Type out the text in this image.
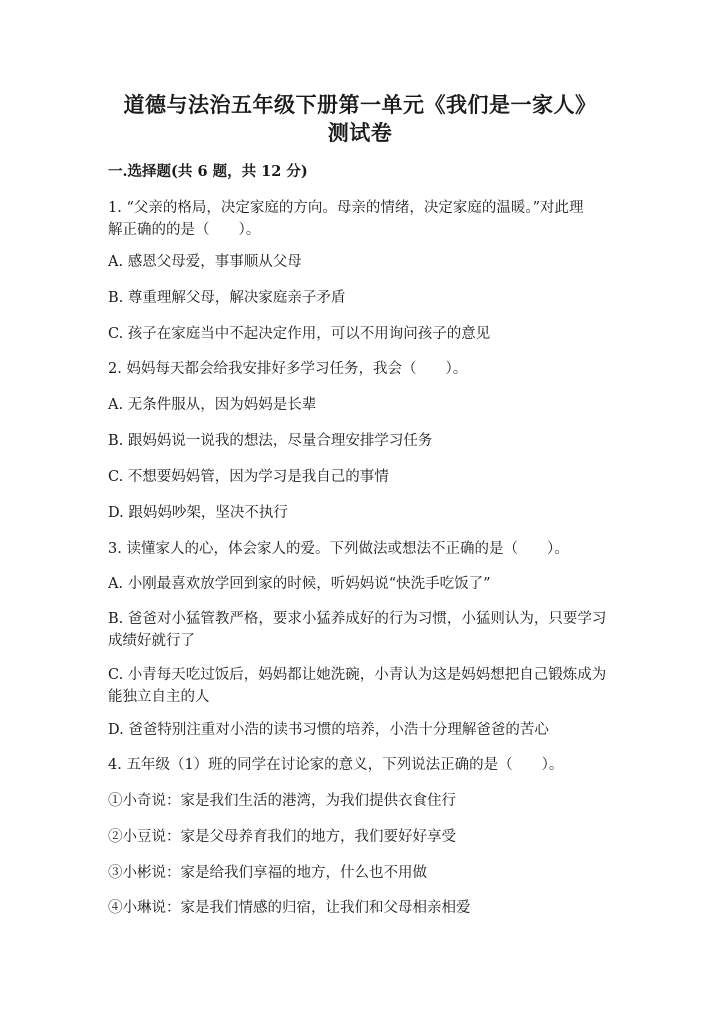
道德与法治五年级下册第一单元《我们是一家人》
测试卷
一.选择题(共 6 题，共 12 分)
1. “父亲的格局，决定家庭的方向。母亲的情绪，决定家庭的温暖。”对此理
解正确的的是（　　）。
A. 感恩父母爱，事事顺从父母
B. 尊重理解父母，解决家庭亲子矛盾
C. 孩子在家庭当中不起决定作用，可以不用询问孩子的意见
2. 妈妈每天都会给我安排好多学习任务，我会（　　）。
A. 无条件服从，因为妈妈是长辈
B. 跟妈妈说一说我的想法，尽量合理安排学习任务
C. 不想要妈妈管，因为学习是我自己的事情
D. 跟妈妈吵架，坚决不执行
3. 读懂家人的心，体会家人的爱。下列做法或想法不正确的是（　　）。
A. 小刚最喜欢放学回到家的时候，听妈妈说“快洗手吃饭了”
B. 爸爸对小猛管教严格，要求小猛养成好的行为习惯，小猛则认为，只要学习
成绩好就行了
C. 小青每天吃过饭后，妈妈都让她洗碗，小青认为这是妈妈想把自己锻炼成为
能独立自主的人
D. 爸爸特别注重对小浩的读书习惯的培养，小浩十分理解爸爸的苦心
4. 五年级（1）班的同学在讨论家的意义，下列说法正确的是（　　）。
①小奇说：家是我们生活的港湾，为我们提供衣食住行
②小豆说：家是父母养育我们的地方，我们要好好享受
③小彬说：家是给我们享福的地方，什么也不用做
④小琳说：家是我们情感的归宿，让我们和父母相亲相爱
